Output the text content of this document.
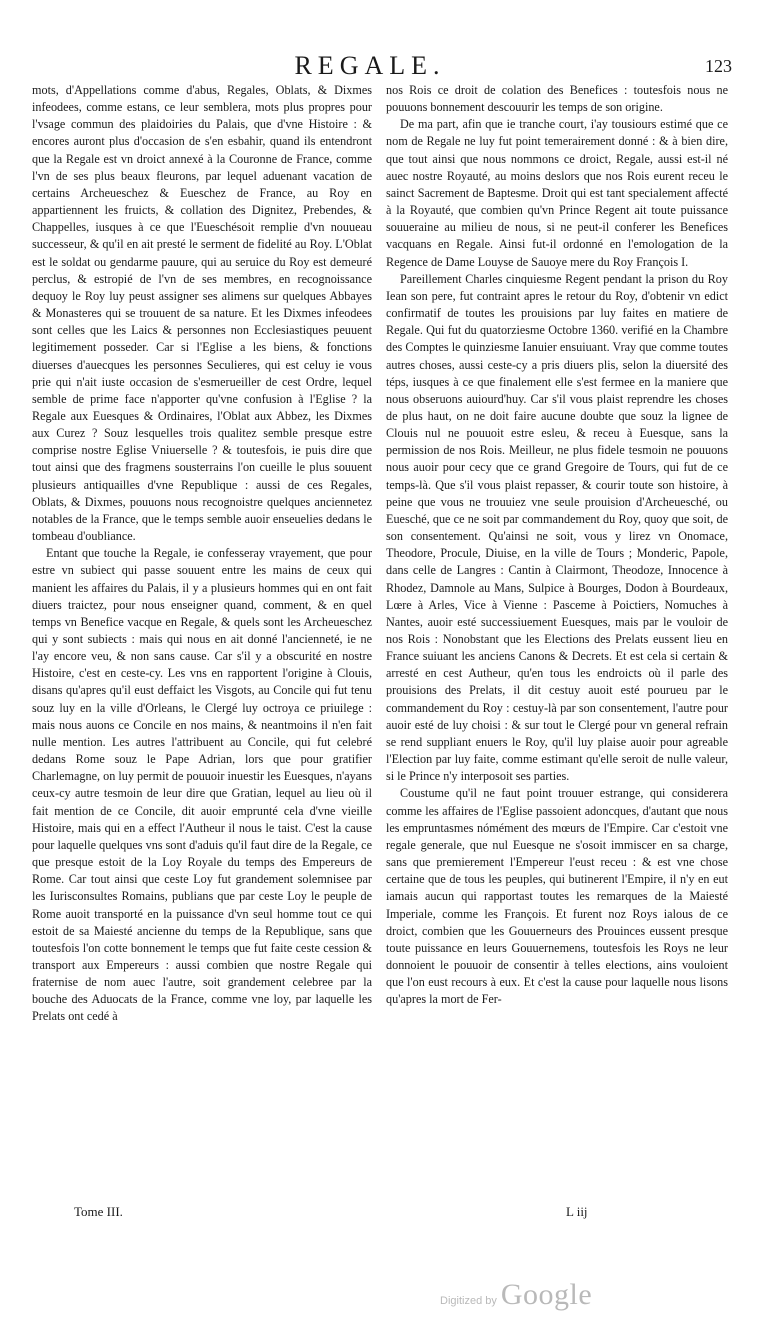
REGALE.	123

mots, d'Appellations comme d'abus, Regales, Oblats, & Dixmes infeodees, comme estans, ce leur semblera, mots plus propres pour l'vsage commun des plaidoiries du Palais, que d'vne Histoire : & encores auront plus d'occasion de s'en esbahir, quand ils entendront que la Regale est vn droict annexé à la Couronne de France, comme l'vn de ses plus beaux fleurons, par lequel aduenant vacation de certains Archeueschez & Eueschez de France, au Roy en appartiennent les fruicts, & collation des Dignitez, Prebendes, & Chappelles, iusques à ce que l'Eueschésoit remplie d'vn nouueau successeur, & qu'il en ait presté le serment de fidelité au Roy. L'Oblat est le soldat ou gendarme pauure, qui au seruice du Roy est demeuré perclus, & estropié de l'vn de ses membres, en recognoissance dequoy le Roy luy peust assigner ses alimens sur quelques Abbayes & Monasteres qui se trouuent de sa nature. Et les Dixmes infeodees sont celles que les Laics & personnes non Ecclesiastiques peuuent legitimement posseder. Car si l'Eglise a les biens, & fonctions diuerses d'auecques les personnes Seculieres, qui est celuy ie vous prie qui n'ait iuste occasion de s'esmerueiller de cest Ordre, lequel semble de prime face n'apporter qu'vne confusion à l'Eglise ? la Regale aux Euesques & Ordinaires, l'Oblat aux Abbez, les Dixmes aux Curez ? Souz lesquelles trois qualitez semble presque estre comprise nostre Eglise Vniuerselle ? & toutesfois, ie puis dire que tout ainsi que des fragmens sousterrains l'on cueille le plus souuent plusieurs antiquailles d'vne Republique : aussi de ces Regales, Oblats, & Dixmes, pouuons nous recognoistre quelques anciennetez notables de la France, que le temps semble auoir enseuelies dedans le tombeau d'oubliance.

Entant que touche la Regale, ie confesseray vrayement, que pour estre vn subiect qui passe souuent entre les mains de ceux qui manient les affaires du Palais, il y a plusieurs hommes qui en ont fait diuers traictez, pour nous enseigner quand, comment, & en quel temps vn Benefice vacque en Regale, & quels sont les Archeueschez qui y sont subiects : mais qui nous en ait donné l'ancienneté, ie ne l'ay encore veu, & non sans cause. Car s'il y a obscurité en nostre Histoire, c'est en ceste-cy. Les vns en rapportent l'origine à Clouis, disans qu'apres qu'il eust deffaict les Visgots, au Concile qui fut tenu souz luy en la ville d'Orleans, le Clergé luy octroya ce priuilege : mais nous auons ce Concile en nos mains, & neantmoins il n'en fait nulle mention. Les autres l'attribuent au Concile, qui fut celebré dedans Rome souz le Pape Adrian, lors que pour gratifier Charlemagne, on luy permit de pouuoir inuestir les Euesques, n'ayans ceux-cy autre tesmoin de leur dire que Gratian, lequel au lieu où il fait mention de ce Concile, dit auoir emprunté cela d'vne vieille Histoire, mais qui en a effect l'Autheur il nous le taist. C'est la cause pour laquelle quelques vns sont d'aduis qu'il faut dire de la Regale, ce que presque estoit de la Loy Royale du temps des Empereurs de Rome. Car tout ainsi que ceste Loy fut grandement solemnisee par les Iurisconsultes Romains, publians que par ceste Loy le peuple de Rome auoit transporté en la puissance d'vn seul homme tout ce qui estoit de sa Maiesté ancienne du temps de la Republique, sans que toutesfois l'on cotte bonnement le temps que fut faite ceste cession & transport aux Empereurs : aussi combien que nostre Regale qui fraternise de nom auec l'autre, soit grandement celebree par la bouche des Aduocats de la France, comme vne loy, par laquelle les Prelats ont cedé à

nos Rois ce droit de colation des Benefices : toutesfois nous ne pouuons bonnement descouurir les temps de son origine.

De ma part, afin que ie tranche court, i'ay tousiours estimé que ce nom de Regale ne luy fut point temerairement donné : & à bien dire, que tout ainsi que nous nommons ce droict, Regale, aussi est-il né auec nostre Royauté, au moins deslors que nos Rois eurent receu le sainct Sacrement de Baptesme. Droit qui est tant specialement affecté à la Royauté, que combien qu'vn Prince Regent ait toute puissance souueraine au milieu de nous, si ne peut-il conferer les Benefices vacquans en Regale. Ainsi fut-il ordonné en l'emologation de la Regence de Dame Louyse de Sauoye mere du Roy François I.

Pareillement Charles cinquiesme Regent pendant la prison du Roy Iean son pere, fut contraint apres le retour du Roy, d'obtenir vn edict confirmatif de toutes les prouisions par luy faites en matiere de Regale. Qui fut du quatorziesme Octobre 1360. verifié en la Chambre des Comptes le quinziesme Ianuier ensuiuant. Vray que comme toutes autres choses, aussi ceste-cy a pris diuers plis, selon la diuersité des téps, iusques à ce que finalement elle s'est fermee en la maniere que nous obseruons auiourd'huy. Car s'il vous plaist reprendre les choses de plus haut, on ne doit faire aucune doubte que souz la lignee de Clouis nul ne pouuoit estre esleu, & receu à Euesque, sans la permission de nos Rois. Meilleur, ne plus fidele tesmoin ne pouuons nous auoir pour cecy que ce grand Gregoire de Tours, qui fut de ce temps-là. Que s'il vous plaist repasser, & courir toute son histoire, à peine que vous ne trouuiez vne seule prouision d'Archeuesché, ou Euesché, que ce ne soit par commandement du Roy, quoy que soit, de son consentement. Qu'ainsi ne soit, vous y lirez vn Onomace, Theodore, Procule, Diuise, en la ville de Tours ; Monderic, Papole, dans celle de Langres : Cantin à Clairmont, Theodoze, Innocence à Rhodez, Damnole au Mans, Sulpice à Bourges, Dodon à Bourdeaux, Lœre à Arles, Vice à Vienne : Pasceme à Poictiers, Nomuches à Nantes, auoir esté successiuement Euesques, mais par le vouloir de nos Rois : Nonobstant que les Elections des Prelats eussent lieu en France suiuant les anciens Canons & Decrets. Et est cela si certain & arresté en cest Autheur, qu'en tous les endroicts où il parle des prouisions des Prelats, il dit cestuy auoit esté pourueu par le commandement du Roy : cestuy-là par son consentement, l'autre pour auoir esté de luy choisi : & sur tout le Clergé pour vn general refrain se rend suppliant enuers le Roy, qu'il luy plaise auoir pour agreable l'Election par luy faite, comme estimant qu'elle seroit de nulle valeur, si le Prince n'y interposoit ses parties.

Coustume qu'il ne faut point trouuer estrange, qui considerera comme les affaires de l'Eglise passoient adoncques, d'autant que nous les empruntasmes nómément des mœurs de l'Empire. Car c'estoit vne regale generale, que nul Euesque ne s'osoit immiscer en sa charge, sans que premierement l'Empereur l'eust receu : & est vne chose certaine que de tous les peuples, qui butinerent l'Empire, il n'y en eut iamais aucun qui rapportast toutes les remarques de la Maiesté Imperiale, comme les François. Et furent noz Roys ialous de ce droict, combien que les Gouuerneurs des Prouinces eussent presque toute puissance en leurs Gouuernemens, toutesfois les Roys ne leur donnoient le pouuoir de consentir à telles elections, ains vouloient que l'on eust recours à eux. Et c'est la cause pour laquelle nous lisons qu'apres la mort de Fer-

Tome III.	L iij
Digitized by Google
